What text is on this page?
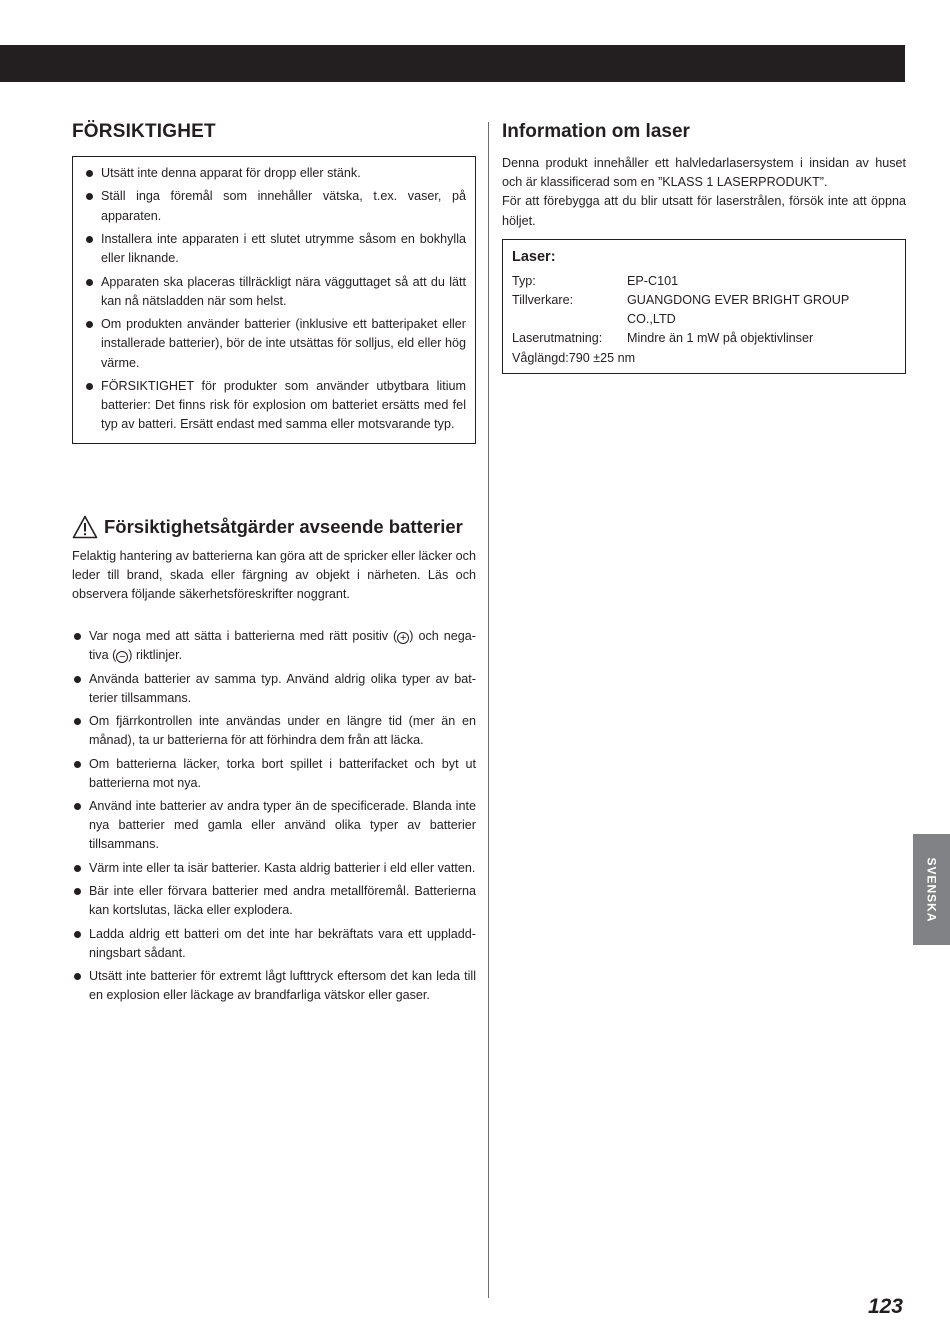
FÖRSIKTIGHET
Utsätt inte denna apparat för dropp eller stänk.
Ställ inga föremål som innehåller vätska, t.ex. vaser, på apparaten.
Installera inte apparaten i ett slutet utrymme såsom en bokhylla eller liknande.
Apparaten ska placeras tillräckligt nära vägguttaget så att du lätt kan nå nätsladden när som helst.
Om produkten använder batterier (inklusive ett batteripaket eller installerade batterier), bör de inte utsättas för solljus, eld eller hög värme.
FÖRSIKTIGHET för produkter som använder utbytbara litium batterier: Det finns risk för explosion om batteriet ersätts med fel typ av batteri. Ersätt endast med samma eller motsvarande typ.
Försiktighetsåtgärder avseende batterier

Felaktig hantering av batterierna kan göra att de spricker eller läcker och leder till brand, skada eller färgning av objekt i närheten. Läs och observera följande säkerhetsföreskrifter noggrant.

Var noga med att sätta i batterierna med rätt positiv ( + ) och nega-tiva ( − ) riktlinjer.
Använda batterier av samma typ. Använd aldrig olika typer av bat-terier tillsammans.
Om fjärrkontrollen inte användas under en längre tid (mer än en månad), ta ur batterierna för att förhindra dem från att läcka.
Om batterierna läcker, torka bort spillet i batterifacket och byt ut batterierna mot nya.
Använd inte batterier av andra typer än de specificerade. Blanda inte nya batterier med gamla eller använd olika typer av batterier tillsammans.
Värm inte eller ta isär batterier. Kasta aldrig batterier i eld eller vatten.
Bär inte eller förvara batterier med andra metallföremål. Batterierna kan kortslutas, läcka eller explodera.
Ladda aldrig ett batteri om det inte har bekräftats vara ett uppladd-ningsbart sådant.
Utsätt inte batterier för extremt lågt lufttryck eftersom det kan leda till en explosion eller läckage av brandfarliga vätskor eller gaser.
Information om laser

Denna produkt innehåller ett halvledarlasersystem i insidan av huset och är klassificerad som en ”KLASS 1 LASERPRODUKT”.
För att förebygga att du blir utsatt för laserstrålen, försök inte att öppna höljet.

Laser:
Typ:	EP-C101
Tillverkare:	GUANGDONG EVER BRIGHT GROUP CO.,LTD
Laserutmatning:	Mindre än 1 mW på objektivlinser
Våglängd:790 ±25 nm
SVENSKA
123
